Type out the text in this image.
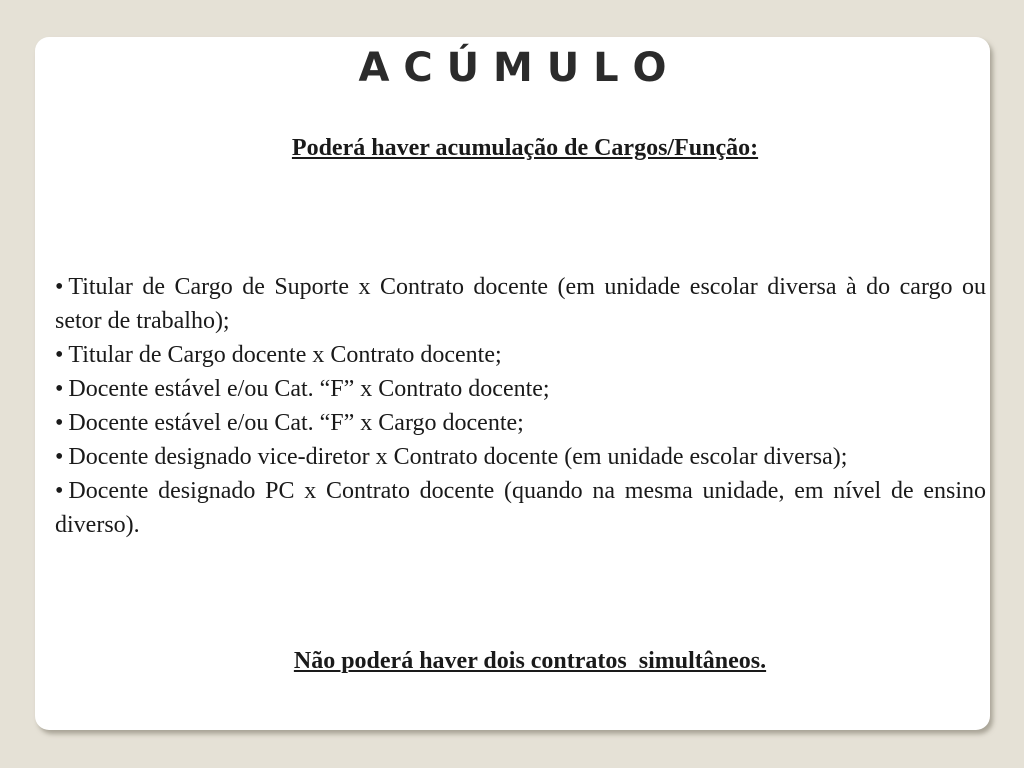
A C Ú M U L O

Poderá haver acumulação de Cargos/Função:

• Titular de Cargo de Suporte x Contrato docente (em unidade escolar diversa à do cargo ou setor de trabalho);
• Titular de Cargo docente x Contrato docente;
• Docente estável e/ou Cat. “F” x Contrato docente;
• Docente estável e/ou Cat. “F” x Cargo docente;
• Docente designado vice-diretor x Contrato docente (em unidade escolar diversa);
• Docente designado PC x Contrato docente (quando na mesma unidade, em nível de ensino diverso).

Não poderá haver dois contratos  simultâneos.
